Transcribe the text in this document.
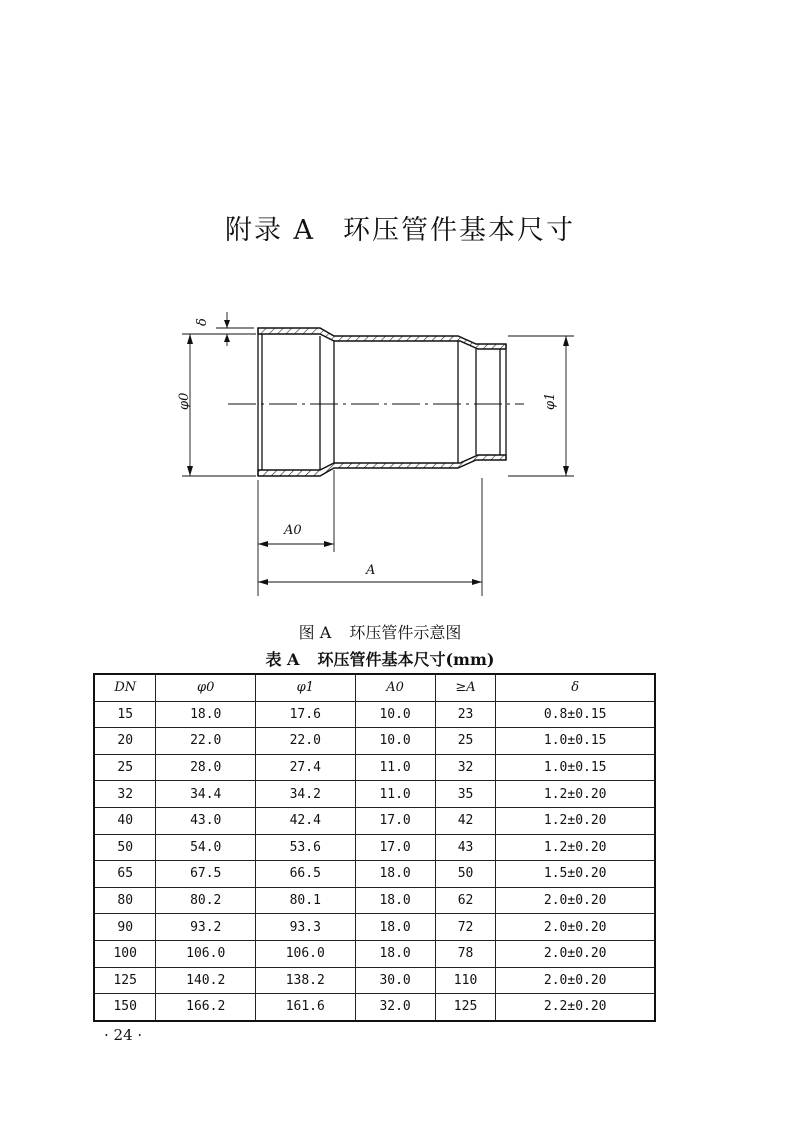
附录 A 环压管件基本尺寸
δ
φ0	φ1
A0
A
图 A 环压管件示意图
表 A 环压管件基本尺寸(mm)
DN	φ0	φ1	A0	≥A	δ
15	18.0	17.6	10.0	23	0.8±0.15
20	22.0	22.0	10.0	25	1.0±0.15
25	28.0	27.4	11.0	32	1.0±0.15
32	34.4	34.2	11.0	35	1.2±0.20
40	43.0	42.4	17.0	42	1.2±0.20
50	54.0	53.6	17.0	43	1.2±0.20
65	67.5	66.5	18.0	50	1.5±0.20
80	80.2	80.1	18.0	62	2.0±0.20
90	93.2	93.3	18.0	72	2.0±0.20
100	106.0	106.0	18.0	78	2.0±0.20
125	140.2	138.2	30.0	110	2.0±0.20
150	166.2	161.6	32.0	125	2.2±0.20
· 24 ·
